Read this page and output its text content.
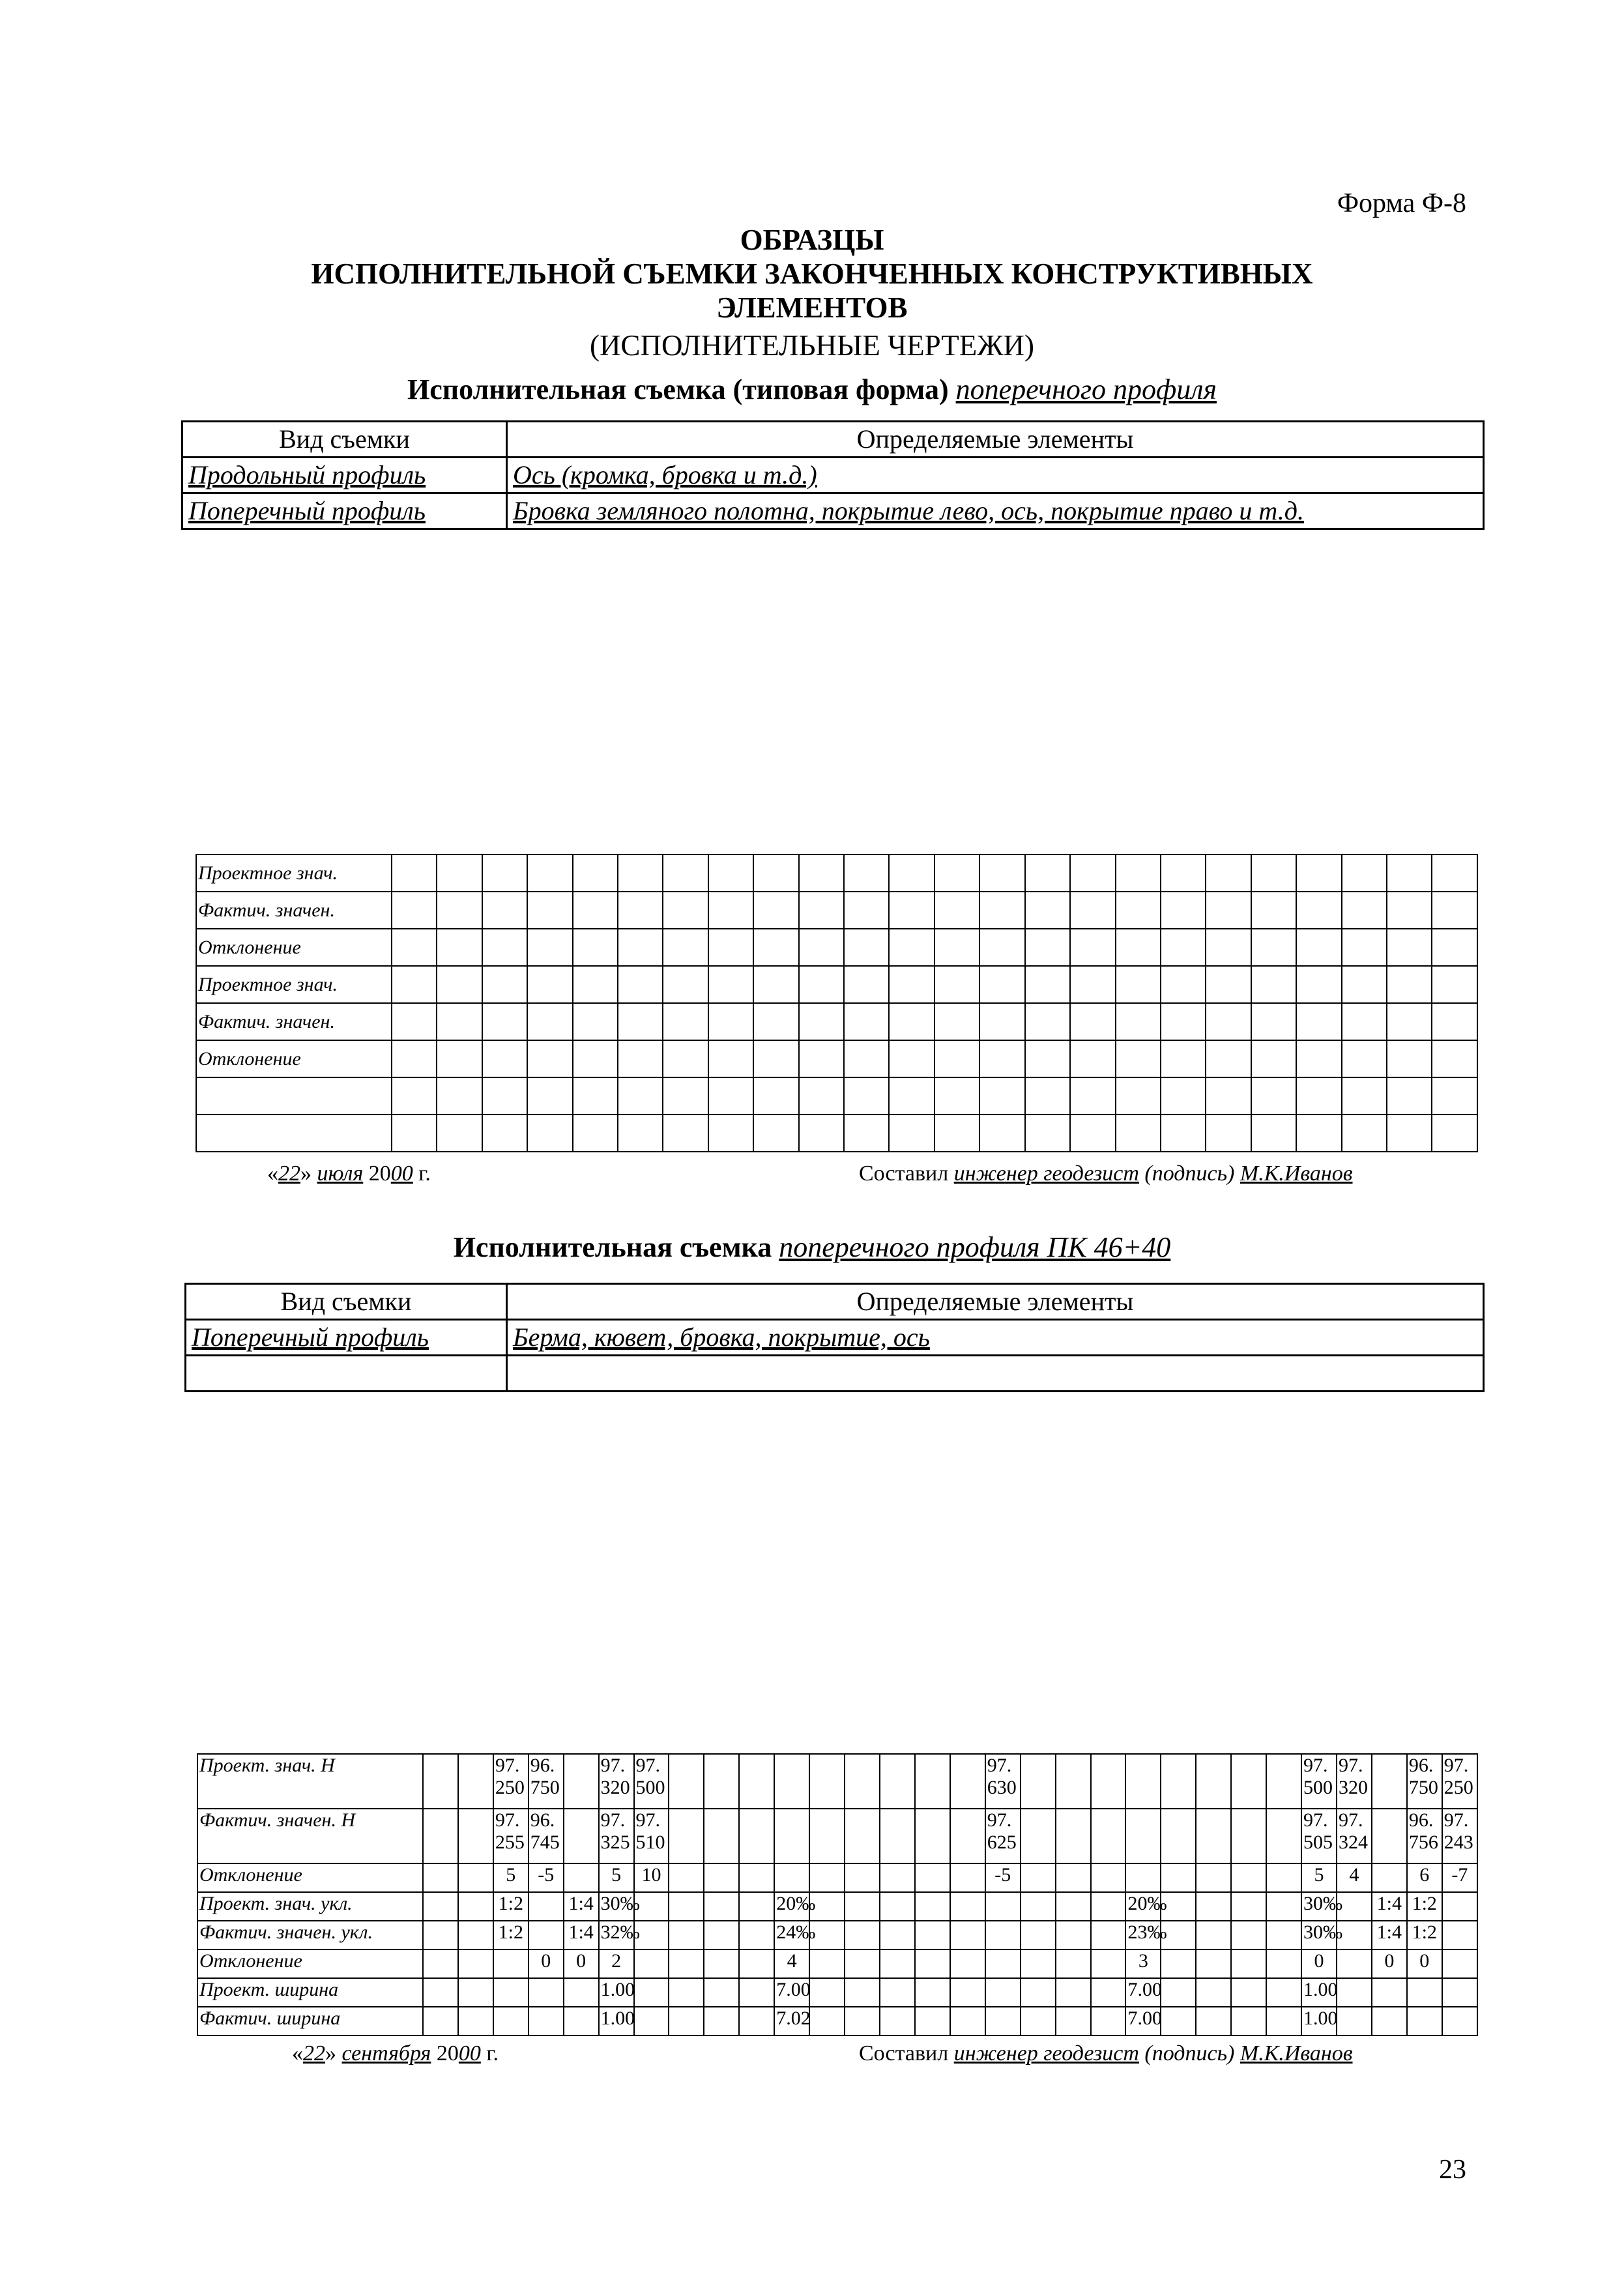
Форма Ф-8
ОБРАЗЦЫ
ИСПОЛНИТЕЛЬНОЙ СЪЕМКИ ЗАКОНЧЕННЫХ КОНСТРУКТИВНЫХ
ЭЛЕМЕНТОВ
(ИСПОЛНИТЕЛЬНЫЕ ЧЕРТЕЖИ)
Исполнительная съемка (типовая форма) поперечного профиля
Вид съемки	Определяемые элементы
Продольный профиль	Ось (кромка, бровка и т.д.)
Поперечный профиль	Бровка земляного полотна, покрытие лево, ось, покрытие право и т.д.
Проектное знач.																								
Фактич. значен.																								
Отклонение																								
Проектное знач.																								
Фактич. значен.																								
Отклонение																								

«22» июля 2000 г.	Составил инженер геодезист (подпись) М.К.Иванов
Исполнительная съемка поперечного профиля ПК 46+40
Вид съемки	Определяемые элементы
Поперечный профиль	Берма, кювет, бровка, покрытие, ось

Проект. знач. Н			97. 250	96. 750		97. 320	97. 500										97. 630									97. 500	97. 320		96. 750	97. 250
Фактич. значен. Н			97. 255	96. 745		97. 325	97. 510										97. 625									97. 505	97. 324		96. 756	97. 243
Отклонение			5	-5		5	10										-5									5	4		6	-7
Проект. знач. укл.			1:2		1:4	30‰					20‰										20‰					30‰		1:4	1:2	
Фактич. значен. укл.			1:2		1:4	32‰					24‰										23‰					30‰		1:4	1:2	
Отклонение				0	0	2					4										3					0		0	0	
Проект. ширина						1.00					7.00										7.00					1.00				
Фактич. ширина						1.00					7.02										7.00					1.00				
«22» сентября 2000 г.	Составил инженер геодезист (подпись) М.К.Иванов
23
